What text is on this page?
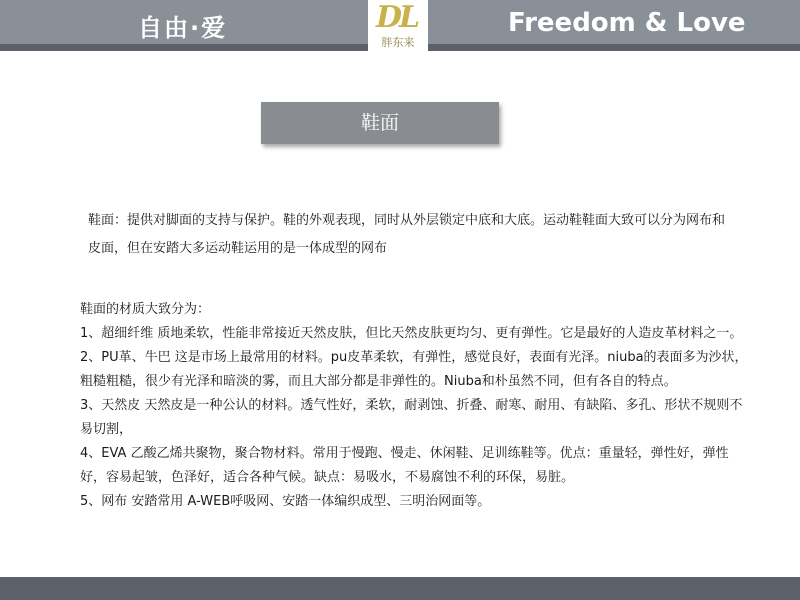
自由·爱	DL
胖东来
Freedom & Love
鞋面
鞋面：提供对脚面的支持与保护。鞋的外观表现，同时从外层锁定中底和大底。运动鞋鞋面大致可以分为网布和皮面，但在安踏大多运动鞋运用的是一体成型的网布

鞋面的材质大致分为：

1、超细纤维 质地柔软，性能非常接近天然皮肤，但比天然皮肤更均匀、更有弹性。它是最好的人造皮革材料之一。

2、PU革、牛巴 这是市场上最常用的材料。pu皮革柔软，有弹性，感觉良好，表面有光泽。niuba的表面多为沙状，粗糙粗糙，很少有光泽和暗淡的雾，而且大部分都是非弹性的。Niuba和朴虽然不同，但有各自的特点。

3、天然皮 天然皮是一种公认的材料。透气性好，柔软，耐剥蚀、折叠、耐寒、耐用、有缺陷、多孔、形状不规则不易切割，

4、EVA 乙酸乙烯共聚物，聚合物材料。常用于慢跑、慢走、休闲鞋、足训练鞋等。优点：重量轻，弹性好，弹性好，容易起皱，色泽好，适合各种气候。缺点：易吸水，不易腐蚀不利的环保，易脏。

5、网布 安踏常用 A-WEB呼吸网、安踏一体编织成型、三明治网面等。
